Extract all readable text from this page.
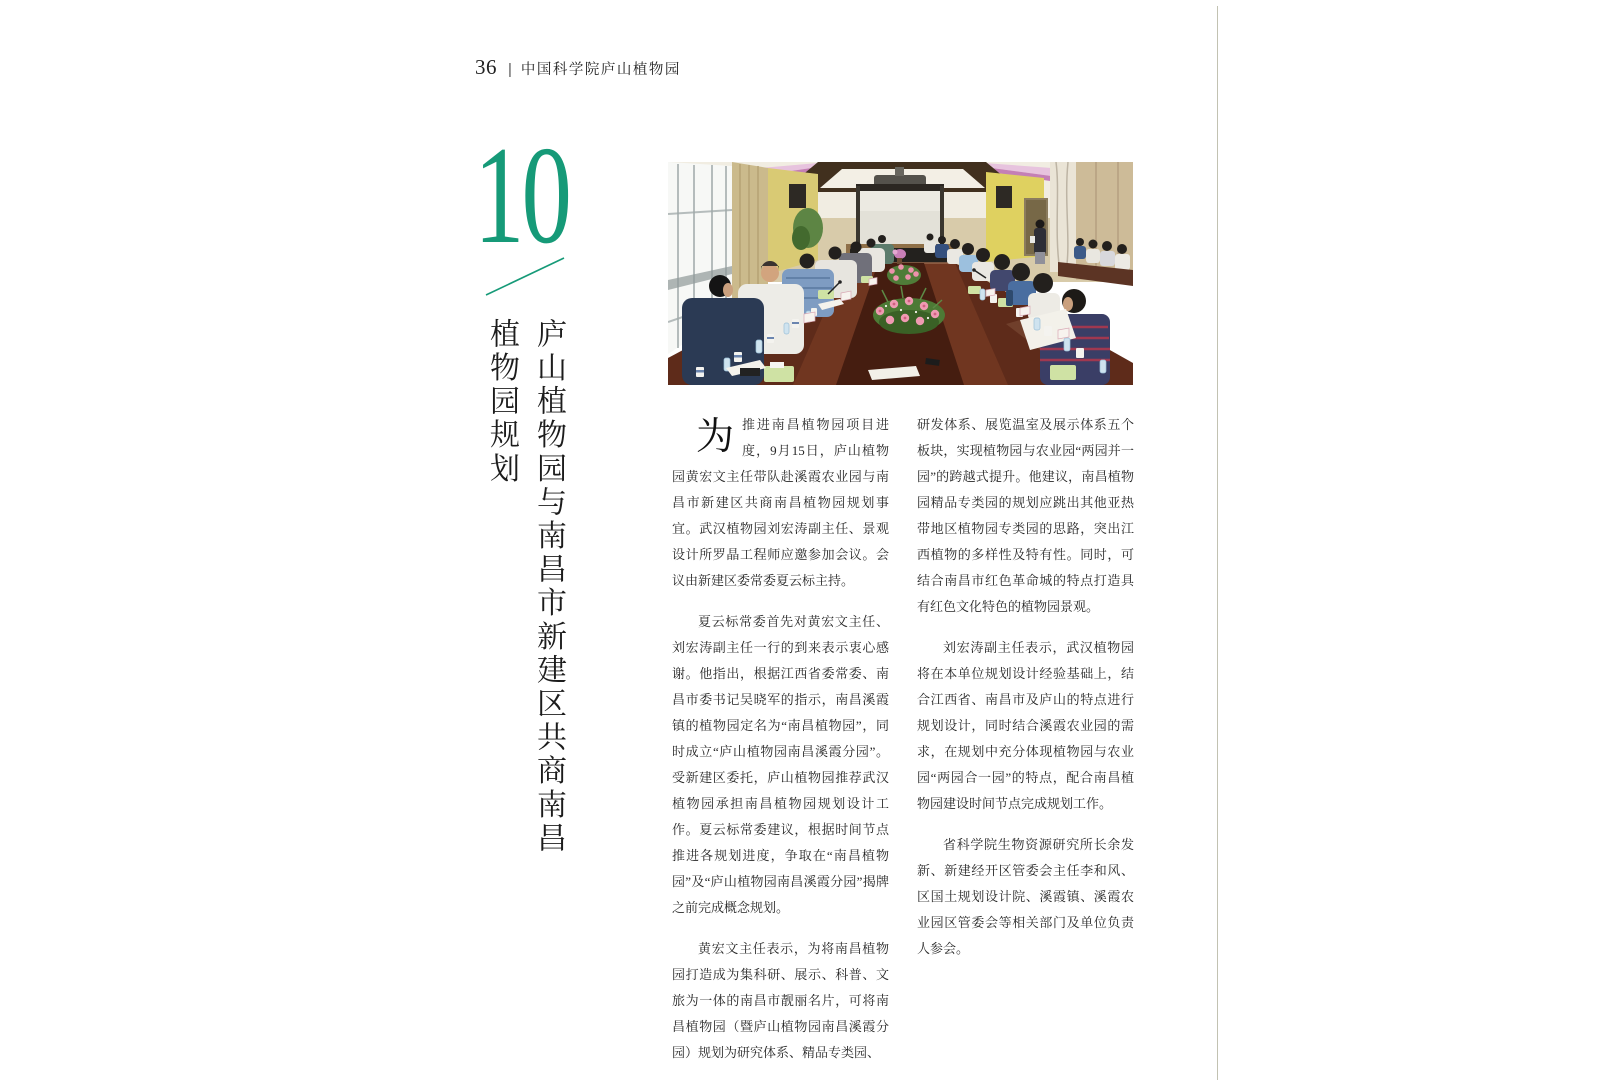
36 | 中国科学院庐山植物园
10
庐山植物园与南昌市新建区共商南昌植物园规划	为推进南昌植物园项目进度，9月15日，庐山植物园黄宏文主任带队赴溪霞农业园与南昌市新建区共商南昌植物园规划事宜。武汉植物园刘宏涛副主任、景观设计所罗晶工程师应邀参加会议。会议由新建区委常委夏云标主持。

夏云标常委首先对黄宏文主任、刘宏涛副主任一行的到来表示衷心感谢。他指出，根据江西省委常委、南昌市委书记吴晓军的指示，南昌溪霞镇的植物园定名为“南昌植物园”，同时成立“庐山植物园南昌溪霞分园”。受新建区委托，庐山植物园推荐武汉植物园承担南昌植物园规划设计工作。夏云标常委建议，根据时间节点推进各规划进度，争取在“南昌植物园”及“庐山植物园南昌溪霞分园”揭牌之前完成概念规划。

黄宏文主任表示，为将南昌植物园打造成为集科研、展示、科普、文旅为一体的南昌市靓丽名片，可将南昌植物园（暨庐山植物园南昌溪霞分园）规划为研究体系、精品专类园、

研发体系、展览温室及展示体系五个板块，实现植物园与农业园“两园并一园”的跨越式提升。他建议，南昌植物园精品专类园的规划应跳出其他亚热带地区植物园专类园的思路，突出江西植物的多样性及特有性。同时，可结合南昌市红色革命城的特点打造具有红色文化特色的植物园景观。

刘宏涛副主任表示，武汉植物园将在本单位规划设计经验基础上，结合江西省、南昌市及庐山的特点进行规划设计，同时结合溪霞农业园的需求，在规划中充分体现植物园与农业园“两园合一园”的特点，配合南昌植物园建设时间节点完成规划工作。

省科学院生物资源研究所长余发新、新建经开区管委会主任李和风、区国土规划设计院、溪霞镇、溪霞农业园区管委会等相关部门及单位负责人参会。
